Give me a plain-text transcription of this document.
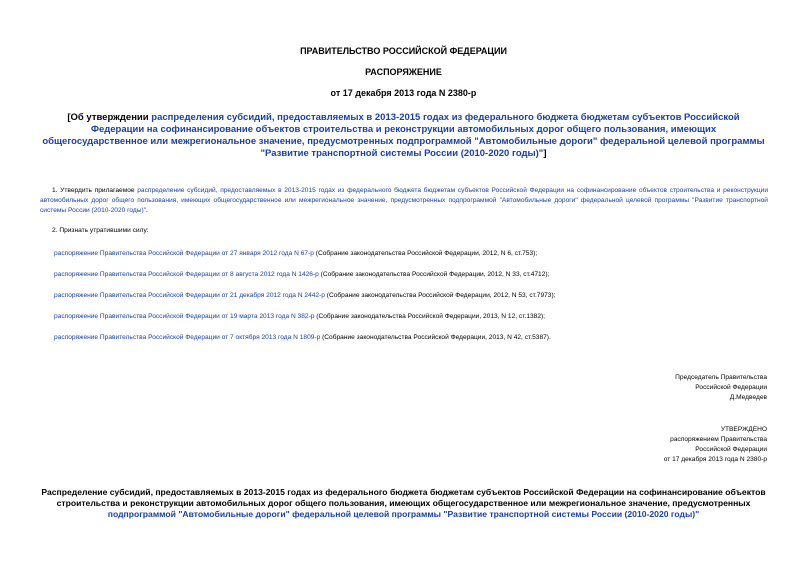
ПРАВИТЕЛЬСТВО РОССИЙСКОЙ ФЕДЕРАЦИИ
РАСПОРЯЖЕНИЕ
от 17 декабря 2013 года N 2380-р
[Об утверждении распределения субсидий, предоставляемых в 2013-2015 годах из федерального бюджета бюджетам субъектов Российской Федерации на софинансирование объектов строительства и реконструкции автомобильных дорог общего пользования, имеющих общегосударственное или межрегиональное значение, предусмотренных подпрограммой "Автомобильные дороги" федеральной целевой программы "Развитие транспортной системы России (2010-2020 годы)"]
1. Утвердить прилагаемое распределение субсидий, предоставляемых в 2013-2015 годах из федерального бюджета бюджетам субъектов Российской Федерации на софинансирование объектов строительства и реконструкции автомобильных дорог общего пользования, имеющих общегосударственное или межрегиональное значение, предусмотренных подпрограммой "Автомобильные дороги" федеральной целевой программы "Развитие транспортной системы России (2010-2020 годы)".
2. Признать утратившими силу:
распоряжение Правительства Российской Федерации от 27 января 2012 года N 67-р (Собрание законодательства Российской Федерации, 2012, N 6, ст.753);
распоряжение Правительства Российской Федерации от 8 августа 2012 года N 1426-р (Собрание законодательства Российской Федерации, 2012, N 33, ст.4712);
распоряжение Правительства Российской Федерации от 21 декабря 2012 года N 2442-р (Собрание законодательства Российской Федерации, 2012, N 53, ст.7973);
распоряжение Правительства Российской Федерации от 19 марта 2013 года N 382-р (Собрание законодательства Российской Федерации, 2013, N 12, ст.1382);
распоряжение Правительства Российской Федерации от 7 октября 2013 года N 1809-р (Собрание законодательства Российской Федерации, 2013, N 42, ст.5387).
Председатель Правительства
Российской Федерации
Д.Медведев
УТВЕРЖДЕНО
распоряжением Правительства
Российской Федерации
от 17 декабря 2013 года N 2380-р
Распределение субсидий, предоставляемых в 2013-2015 годах из федерального бюджета бюджетам субъектов Российской Федерации на софинансирование объектов строительства и реконструкции автомобильных дорог общего пользования, имеющих общегосударственное или межрегиональное значение, предусмотренных подпрограммой "Автомобильные дороги" федеральной целевой программы "Развитие транспортной системы России (2010-2020 годы)"
